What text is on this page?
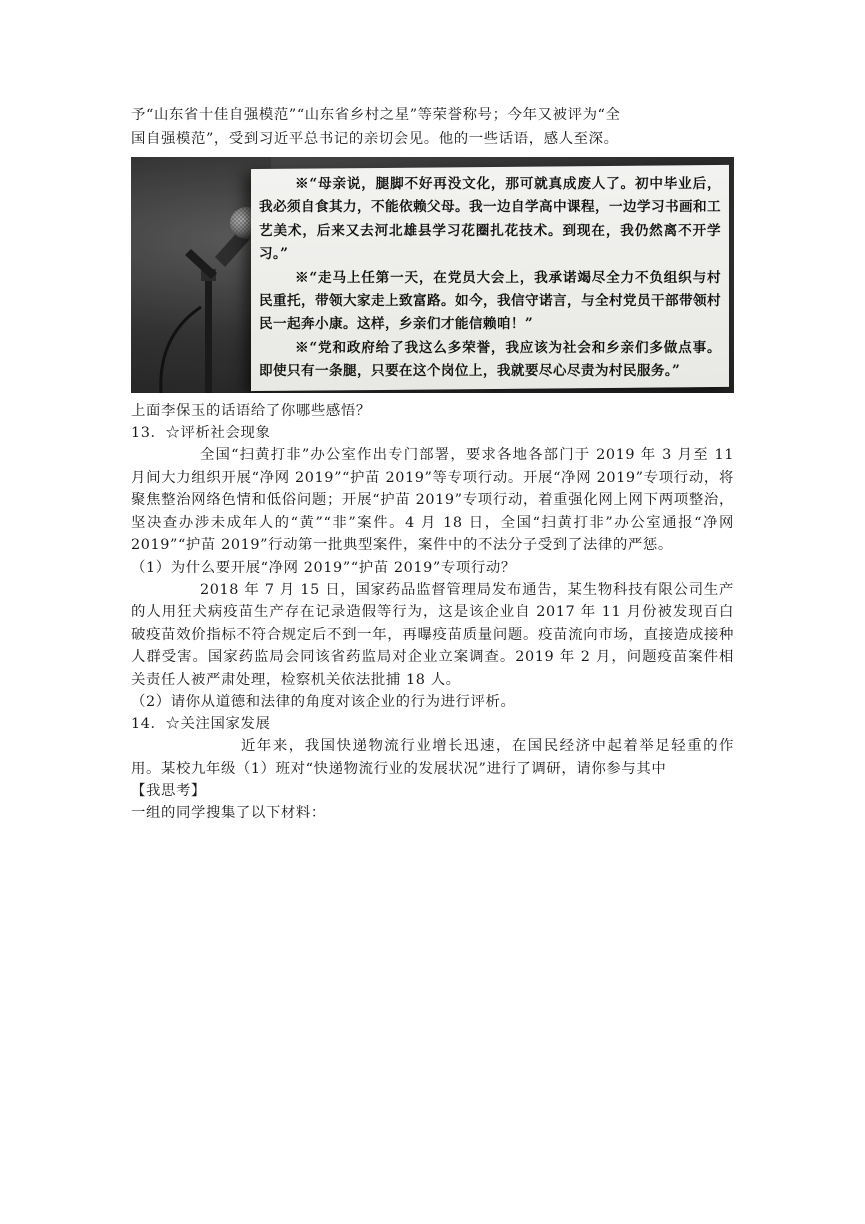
予“山东省十佳自强模范”“山东省乡村之星”等荣誉称号；今年又被评为“全
国自强模范”，受到习近平总书记的亲切会见。他的一些话语，感人至深。

※“母亲说，腿脚不好再没文化，那可就真成废人了。初中毕业后，我必须自食其力，不能依赖父母。我一边自学高中课程，一边学习书画和工艺美术，后来又去河北雄县学习花圈扎花技术。到现在，我仍然离不开学习。”

※“走马上任第一天，在党员大会上，我承诺竭尽全力不负组织与村民重托，带领大家走上致富路。如今，我信守诺言，与全村党员干部带领村民一起奔小康。这样，乡亲们才能信赖咱！”

※“党和政府给了我这么多荣誉，我应该为社会和乡亲们多做点事。即使只有一条腿，只要在这个岗位上，我就要尽心尽责为村民服务。”

上面李保玉的话语给了你哪些感悟？
13．☆评析社会现象

全国“扫黄打非”办公室作出专门部署，要求各地各部门于 2019 年 3 月至 11 月间大力组织开展“净网 2019”“护苗 2019”等专项行动。开展“净网 2019”专项行动，将聚焦整治网络色情和低俗问题；开展“护苗 2019”专项行动，着重强化网上网下两项整治，坚决查办涉未成年人的“黄”“非”案件。4 月 18 日，全国“扫黄打非”办公室通报“净网 2019”“护苗 2019”行动第一批典型案件，案件中的不法分子受到了法律的严惩。

（1）为什么要开展“净网 2019”“护苗 2019”专项行动？

2018 年 7 月 15 日，国家药品监督管理局发布通告，某生物科技有限公司生产的人用狂犬病疫苗生产存在记录造假等行为，这是该企业自 2017 年 11 月份被发现百白破疫苗效价指标不符合规定后不到一年，再曝疫苗质量问题。疫苗流向市场，直接造成接种人群受害。国家药监局会同该省药监局对企业立案调查。2019 年 2 月，问题疫苗案件相关责任人被严肃处理，检察机关依法批捕 18 人。

（2）请你从道德和法律的角度对该企业的行为进行评析。
14．☆关注国家发展

近年来，我国快递物流行业增长迅速，在国民经济中起着举足轻重的作用。某校九年级（1）班对“快递物流行业的发展状况”进行了调研，请你参与其中

【我思考】
一组的同学搜集了以下材料：
